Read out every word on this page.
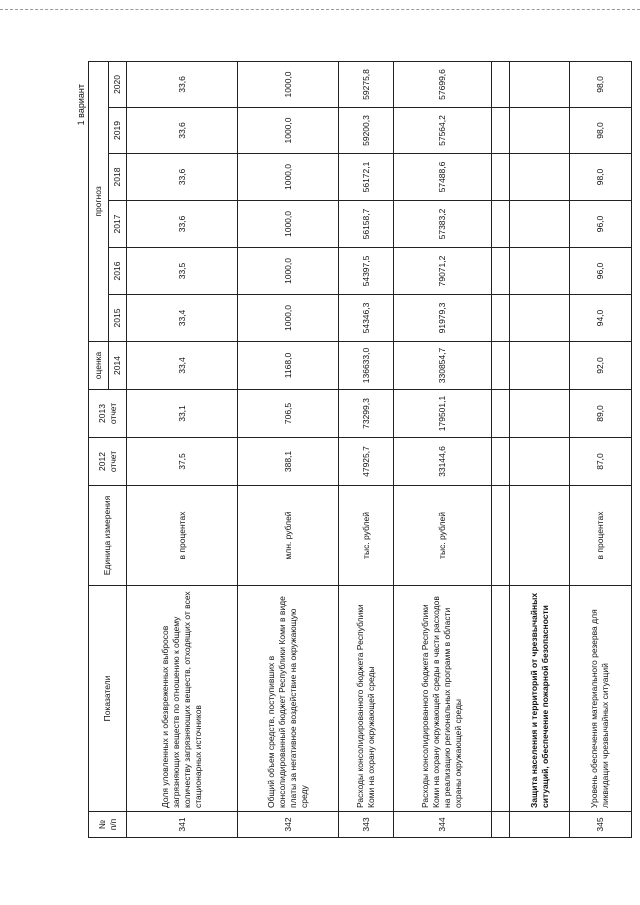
1 вариант
№ п/п	Показатели	Единица измерения	2012 отчет	2013 отчет	оценка	прогноз					
					2014	2015	2016	2017	2018	2019	2020
341	Доля уловленных и обезвреженных выбросов загрязняющих веществ по отношению к общему количеству загрязняющих веществ, отходящих от всех стационарных источников	в процентах	37,5	33,1	33,4	33,4	33,5	33,6	33,6	33,6	33,6
342	Общий объем средств, поступивших в консолидированный бюджет Республики Коми в виде платы за негативное воздействие на окружающую среду	млн. рублей	388,1	706,5	1168,0	1000,0	1000,0	1000,0	1000,0	1000,0	1000,0
343	Расходы консолидированного бюджета Республики Коми на охрану окружающей среды	тыс. рублей	47925,7	73299,3	136633,0	54346,3	54397,5	56158,7	56172,1	59200,3	59275,8
344	Расходы консолидированного бюджета Республики Коми на охрану окружающей среды в части расходов на реализацию региональных программ в области охраны окружающей среды	тыс. рублей	33144,6	179501,1	330854,7	91979,3	79071,2	57383,2	57488,6	57564,2	57699,6

	Защита населения и территорий от чрезвычайных ситуаций, обеспечение пожарной безопасности										
345	Уровень обеспечения материального резерва для ликвидации чрезвычайных ситуаций	в процентах	87,0	89,0	92,0	94,0	96,0	96,0	98,0	98,0	98,0
